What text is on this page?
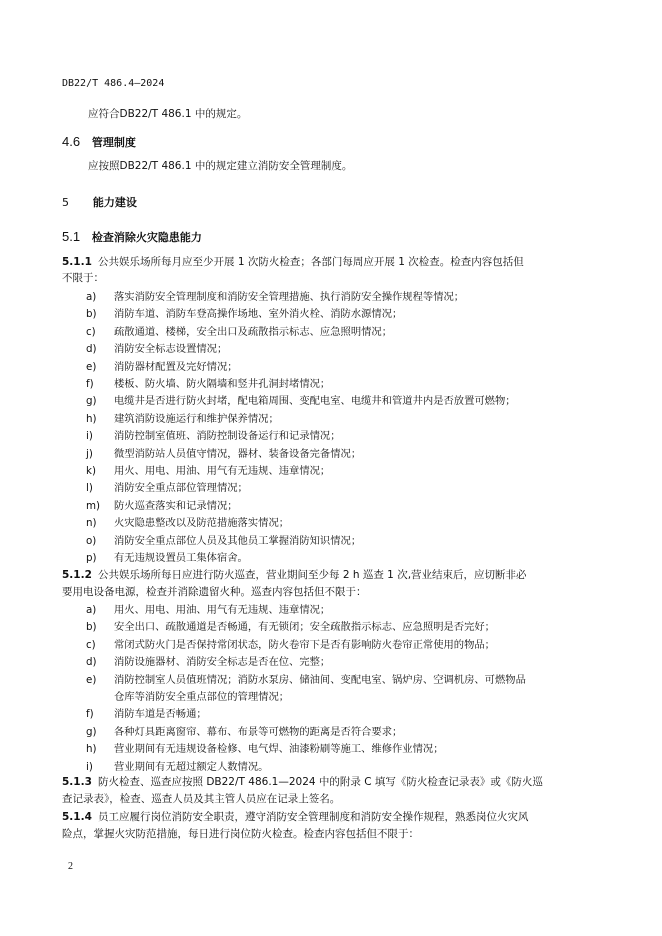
DB22/T 486.4—2024
应符合DB22/T 486.1 中的规定。
4.6 管理制度
应按照DB22/T 486.1 中的规定建立消防安全管理制度。
5 能力建设
5.1 检查消除火灾隐患能力
5.1.1 公共娱乐场所每月应至少开展 1 次防火检查；各部门每周应开展 1 次检查。检查内容包括但
不限于：
a) 落实消防安全管理制度和消防安全管理措施、执行消防安全操作规程等情况；
b) 消防车道、消防车登高操作场地、室外消火栓、消防水源情况；
c) 疏散通道、楼梯，安全出口及疏散指示标志、应急照明情况；
d) 消防安全标志设置情况；
e) 消防器材配置及完好情况；
f) 楼板、防火墙、防火隔墙和竖井孔洞封堵情况；
g) 电缆井是否进行防火封堵，配电箱周围、变配电室、电缆井和管道井内是否放置可燃物；
h) 建筑消防设施运行和维护保养情况；
i) 消防控制室值班、消防控制设备运行和记录情况；
j) 微型消防站人员值守情况，器材、装备设备完备情况；
k) 用火、用电、用油、用气有无违规、违章情况；
l) 消防安全重点部位管理情况；
m) 防火巡查落实和记录情况；
n) 火灾隐患整改以及防范措施落实情况；
o) 消防安全重点部位人员及其他员工掌握消防知识情况；
p) 有无违规设置员工集体宿舍。
5.1.2 公共娱乐场所每日应进行防火巡查，营业期间至少每 2 h 巡查 1 次,营业结束后，应切断非必
要用电设备电源，检查并消除遗留火种。巡查内容包括但不限于：
a) 用火、用电、用油、用气有无违规、违章情况；
b) 安全出口、疏散通道是否畅通，有无锁闭；安全疏散指示标志、应急照明是否完好；
c) 常闭式防火门是否保持常闭状态，防火卷帘下是否有影响防火卷帘正常使用的物品；
d) 消防设施器材、消防安全标志是否在位、完整；
e) 消防控制室人员值班情况；消防水泵房、储油间、变配电室、锅炉房、空调机房、可燃物品
仓库等消防安全重点部位的管理情况；
f) 消防车道是否畅通；
g) 各种灯具距离窗帘、幕布、布景等可燃物的距离是否符合要求；
h) 营业期间有无违规设备检修、电气焊、油漆粉刷等施工、维修作业情况；
i) 营业期间有无超过额定人数情况。
5.1.3 防火检查、巡查应按照 DB22/T 486.1—2024 中的附录 C 填写《防火检查记录表》或《防火巡
查记录表》，检查、巡查人员及其主管人员应在记录上签名。
5.1.4 员工应履行岗位消防安全职责，遵守消防安全管理制度和消防安全操作规程，熟悉岗位火灾风
险点，掌握火灾防范措施，每日进行岗位防火检查。检查内容包括但不限于：
2
